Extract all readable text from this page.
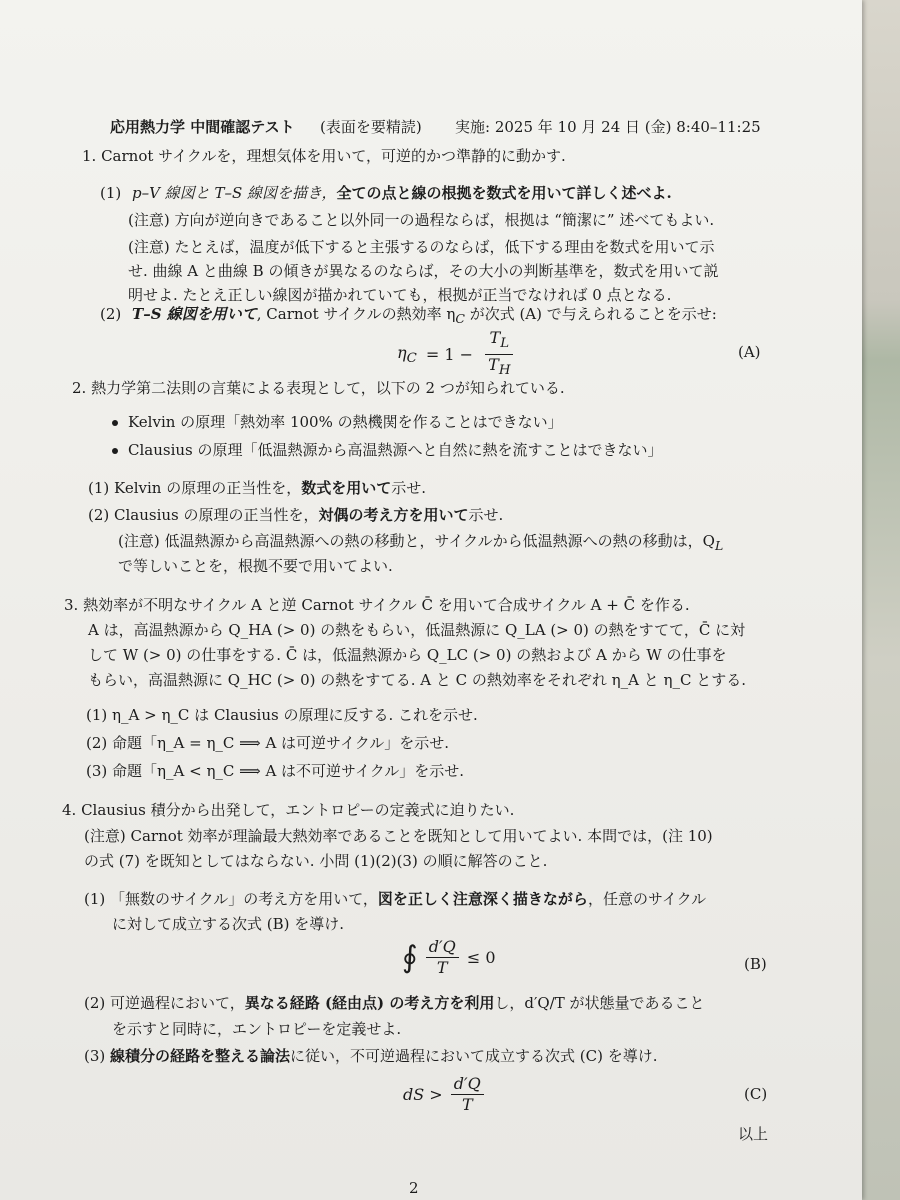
応用熱力学 中間確認テスト (表面を要精読) 実施: 2025 年 10 月 24 日 (金) 8:40–11:25
1. Carnot サイクルを，理想気体を用いて，可逆的かつ準静的に動かす.
(1) p–V 線図と T–S 線図を描き，全ての点と線の根拠を数式を用いて詳しく述べよ.
(注意) 方向が逆向きであること以外同一の過程ならば，根拠は “簡潔に” 述べてもよい.
(注意) たとえば，温度が低下すると主張するのならば，低下する理由を数式を用いて示
せ. 曲線 A と曲線 B の傾きが異なるのならば，その大小の判断基準を，数式を用いて説
明せよ. たとえ正しい線図が描かれていても，根拠が正当でなければ 0 点となる.
(2) T–S 線図を用いて, Carnot サイクルの熱効率 $\eta_C$ が次式 (A) で与えられることを示せ:
$\eta_C = 1 - \frac{T_L}{T_H}$	(A)
2. 熱力学第二法則の言葉による表現として，以下の 2 つが知られている.
Kelvin の原理「熱効率 100% の熱機関を作ることはできない」
Clausius の原理「低温熱源から高温熱源へと自然に熱を流すことはできない」
(1) Kelvin の原理の正当性を，数式を用いて示せ.
(2) Clausius の原理の正当性を，対偶の考え方を用いて示せ.
(注意) 低温熱源から高温熱源への熱の移動と，サイクルから低温熱源への熱の移動は，$Q_L$
で等しいことを，根拠不要で用いてよい.
3. 熱効率が不明なサイクル A と逆 Carnot サイクル C̄ を用いて合成サイクル A + C̄ を作る.
A は，高温熱源から Q_HA (> 0) の熱をもらい，低温熱源に Q_LA (> 0) の熱をすてて，C̄ に対
して W (> 0) の仕事をする. C̄ は，低温熱源から Q_LC (> 0) の熱および A から W の仕事を
もらい，高温熱源に Q_HC (> 0) の熱をすてる. A と C の熱効率をそれぞれ η_A と η_C とする.
(1) η_A > η_C は Clausius の原理に反する. これを示せ.
(2) 命題「η_A = η_C ⟹ A は可逆サイクル」を示せ.
(3) 命題「η_A < η_C ⟹ A は不可逆サイクル」を示せ.
4. Clausius 積分から出発して，エントロピーの定義式に迫りたい.
(注意) Carnot 効率が理論最大熱効率であることを既知として用いてよい. 本問では，(注 10)
の式 (7) を既知としてはならない. 小問 (1)(2)(3) の順に解答のこと.
(1) 「無数のサイクル」の考え方を用いて，図を正しく注意深く描きながら，任意のサイクル
に対して成立する次式 (B) を導け.
∮ $\frac{d'Q}{T} \le 0$	(B)
(2) 可逆過程において，異なる経路 (経由点) の考え方を利用し，d′Q/T が状態量であること
を示すと同時に，エントロピーを定義せよ.
(3) 線積分の経路を整える論法に従い，不可逆過程において成立する次式 (C) を導け.
dS > $\frac{d'Q}{T}$	(C)
以上
2
